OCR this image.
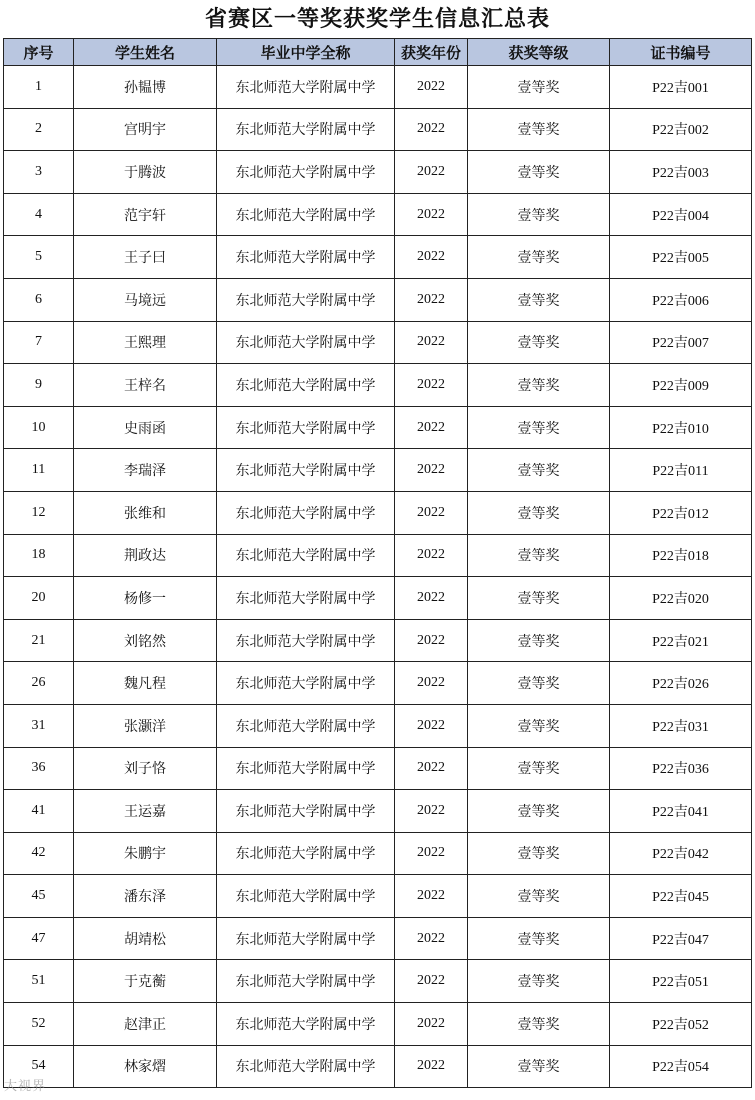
省赛区一等奖获奖学生信息汇总表
序号	学生姓名	毕业中学全称	获奖年份	获奖等级	证书编号
1	孙韫博	东北师范大学附属中学	2022	壹等奖	P22吉001
2	宫明宇	东北师范大学附属中学	2022	壹等奖	P22吉002
3	于腾波	东北师范大学附属中学	2022	壹等奖	P22吉003
4	范宇轩	东北师范大学附属中学	2022	壹等奖	P22吉004
5	王子曰	东北师范大学附属中学	2022	壹等奖	P22吉005
6	马境远	东北师范大学附属中学	2022	壹等奖	P22吉006
7	王熙理	东北师范大学附属中学	2022	壹等奖	P22吉007
9	王梓名	东北师范大学附属中学	2022	壹等奖	P22吉009
10	史雨函	东北师范大学附属中学	2022	壹等奖	P22吉010
11	李瑞泽	东北师范大学附属中学	2022	壹等奖	P22吉011
12	张维和	东北师范大学附属中学	2022	壹等奖	P22吉012
18	荆政达	东北师范大学附属中学	2022	壹等奖	P22吉018
20	杨修一	东北师范大学附属中学	2022	壹等奖	P22吉020
21	刘铭然	东北师范大学附属中学	2022	壹等奖	P22吉021
26	魏凡程	东北师范大学附属中学	2022	壹等奖	P22吉026
31	张灏洋	东北师范大学附属中学	2022	壹等奖	P22吉031
36	刘子恪	东北师范大学附属中学	2022	壹等奖	P22吉036
41	王运嘉	东北师范大学附属中学	2022	壹等奖	P22吉041
42	朱鹏宇	东北师范大学附属中学	2022	壹等奖	P22吉042
45	潘东泽	东北师范大学附属中学	2022	壹等奖	P22吉045
47	胡靖松	东北师范大学附属中学	2022	壹等奖	P22吉047
51	于克蘅	东北师范大学附属中学	2022	壹等奖	P22吉051
52	赵津正	东北师范大学附属中学	2022	壹等奖	P22吉052
54	林家熠	东北师范大学附属中学	2022	壹等奖	P22吉054
大视界
